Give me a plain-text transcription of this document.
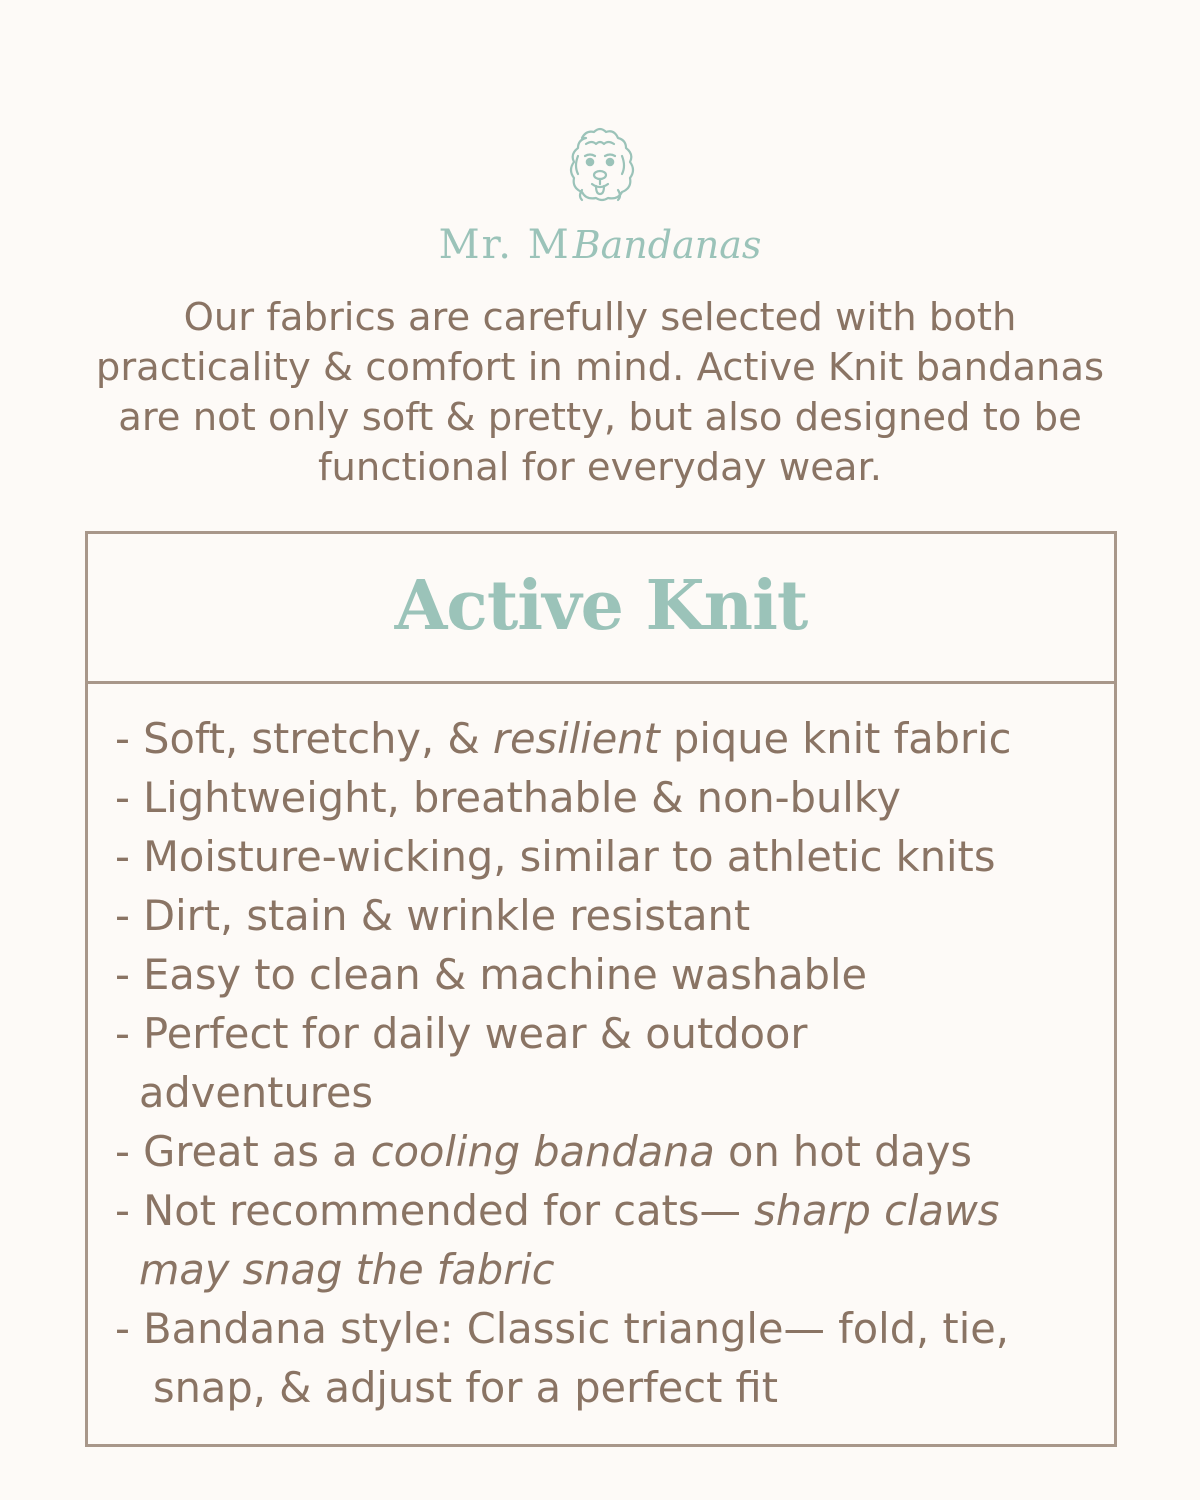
Mr. MBandanas
Our fabrics are carefully selected with both practicality & comfort in mind. Active Knit bandanas are not only soft & pretty, but also designed to be functional for everyday wear.
Active Knit
- Soft, stretchy, & resilient pique knit fabric
- Lightweight, breathable & non-bulky
- Moisture-wicking, similar to athletic knits
- Dirt, stain & wrinkle resistant
- Easy to clean & machine washable
- Perfect for daily wear & outdoor
adventures
- Great as a cooling bandana on hot days
- Not recommended for cats— sharp claws
may snag the fabric
- Bandana style: Classic triangle— fold, tie,
snap, & adjust for a perfect fit
